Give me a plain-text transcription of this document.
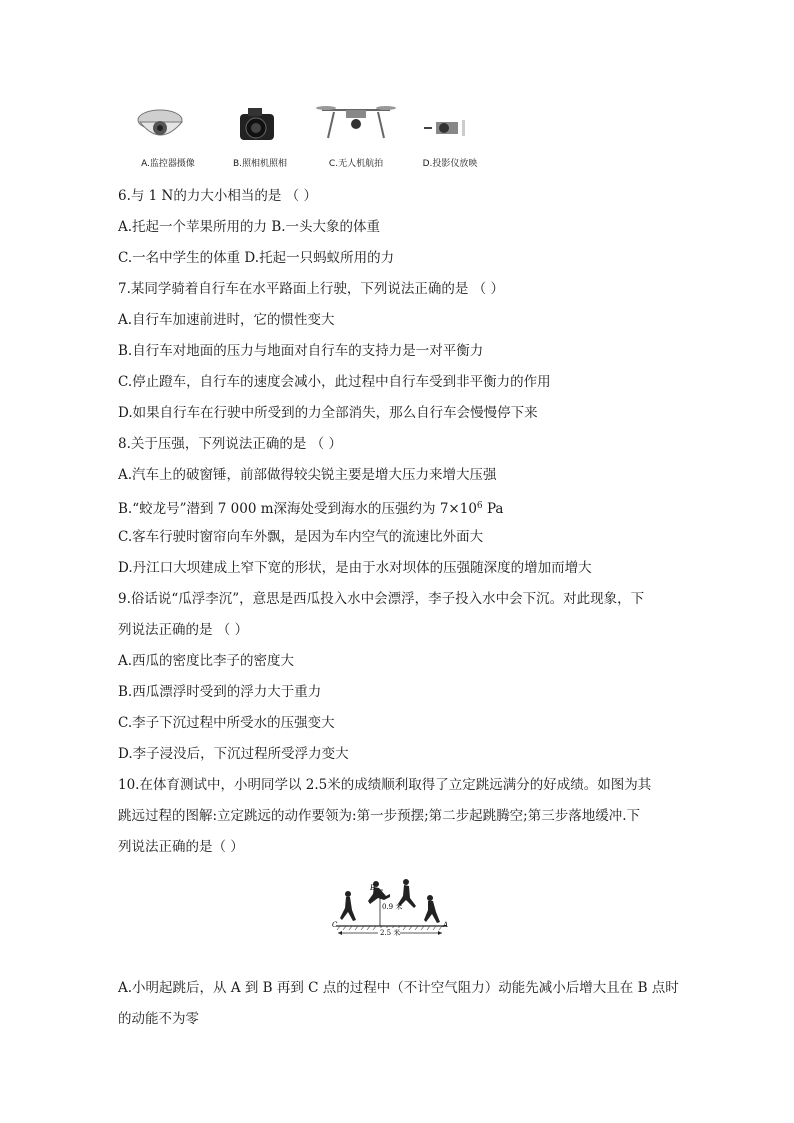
A.监控器摄像	B.照相机照相	C.无人机航拍	D.投影仪放映
6.与 1 N的力大小相当的是 （ ）
A.托起一个苹果所用的力 B.一头大象的体重
C.一名中学生的体重 D.托起一只蚂蚁所用的力
7.某同学骑着自行车在水平路面上行驶，下列说法正确的是 （ ）
A.自行车加速前进时，它的惯性变大
B.自行车对地面的压力与地面对自行车的支持力是一对平衡力
C.停止蹬车，自行车的速度会减小，此过程中自行车受到非平衡力的作用
D.如果自行车在行驶中所受到的力全部消失，那么自行车会慢慢停下来
8.关于压强，下列说法正确的是 （ ）
A.汽车上的破窗锤，前部做得较尖锐主要是增大压力来增大压强
B.“蛟龙号”潜到 7 000 m深海处受到海水的压强约为 $7\times 10^6$ Pa
C.客车行驶时窗帘向车外飘，是因为车内空气的流速比外面大
D.丹江口大坝建成上窄下宽的形状，是由于水对坝体的压强随深度的增加而增大
9.俗话说“瓜浮李沉”，意思是西瓜投入水中会漂浮，李子投入水中会下沉。对此现象，下
列说法正确的是 （ ）
A.西瓜的密度比李子的密度大
B.西瓜漂浮时受到的浮力大于重力
C.李子下沉过程中所受水的压强变大
D.李子浸没后，下沉过程所受浮力变大
10.在体育测试中，小明同学以 2.5米的成绩顺利取得了立定跳远满分的好成绩。如图为其
跳远过程的图解:立定跳远的动作要领为:第一步预摆;第二步起跳腾空;第三步落地缓冲.下
列说法正确的是（ ）
0.9 米
B
C	A
2.5 米
A.小明起跳后，从 A 到 B 再到 C 点的过程中（不计空气阻力）动能先减小后增大且在 B 点时
的动能不为零
